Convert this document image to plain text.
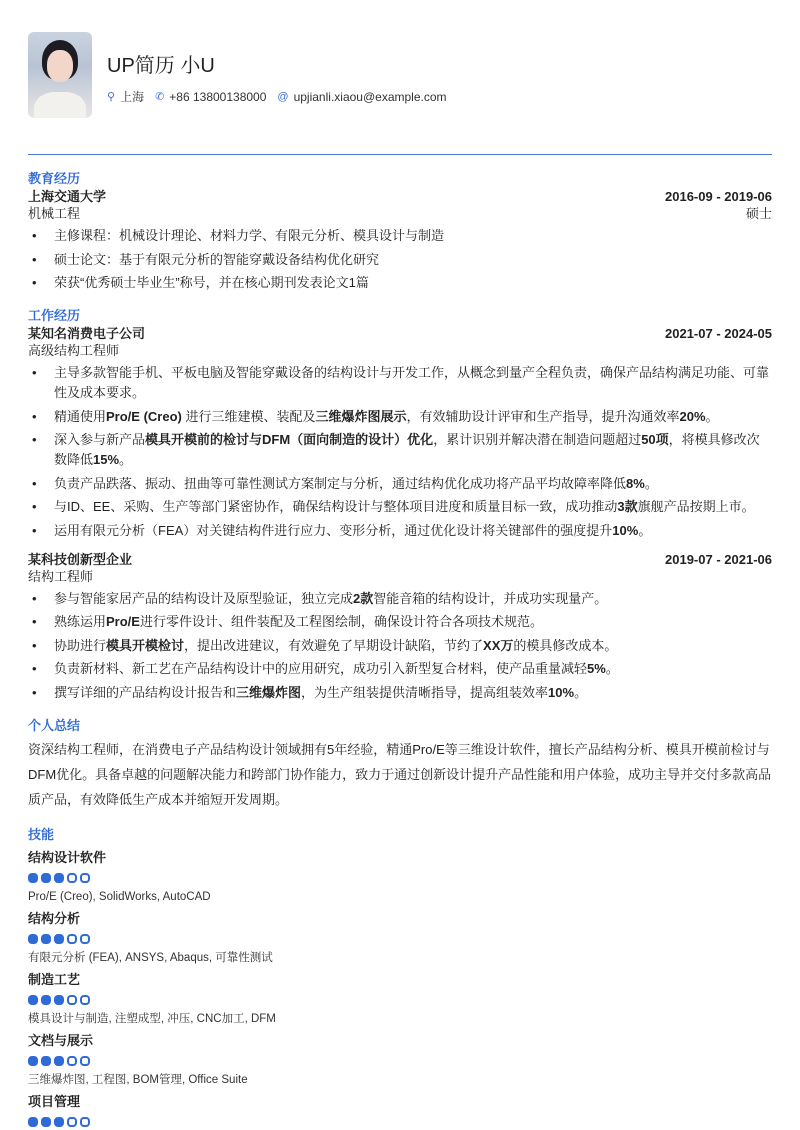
UP简历 小U
⚲ 上海 ✆ +86 13800138000 @ upjianli.xiaou@example.com
教育经历
上海交通大学	2016-09 - 2019-06
机械工程	硕士
• 主修课程：机械设计理论、材料力学、有限元分析、模具设计与制造
• 硕士论文：基于有限元分析的智能穿戴设备结构优化研究
• 荣获“优秀硕士毕业生”称号，并在核心期刊发表论文1篇
工作经历
某知名消费电子公司	2021-07 - 2024-05
高级结构工程师
• 主导多款智能手机、平板电脑及智能穿戴设备的结构设计与开发工作，从概念到量产全程负责，确保产品结构满足功能、可靠性及成本要求。
• 精通使用Pro/E (Creo) 进行三维建模、装配及三维爆炸图展示，有效辅助设计评审和生产指导，提升沟通效率20%。
• 深入参与新产品模具开模前的检讨与DFM（面向制造的设计）优化，累计识别并解决潜在制造问题超过50项，将模具修改次数降低15%。
• 负责产品跌落、振动、扭曲等可靠性测试方案制定与分析，通过结构优化成功将产品平均故障率降低8%。
• 与ID、EE、采购、生产等部门紧密协作，确保结构设计与整体项目进度和质量目标一致，成功推动3款旗舰产品按期上市。
• 运用有限元分析（FEA）对关键结构件进行应力、变形分析，通过优化设计将关键部件的强度提升10%。
某科技创新型企业	2019-07 - 2021-06
结构工程师
• 参与智能家居产品的结构设计及原型验证，独立完成2款智能音箱的结构设计，并成功实现量产。
• 熟练运用Pro/E进行零件设计、组件装配及工程图绘制，确保设计符合各项技术规范。
• 协助进行模具开模检讨，提出改进建议，有效避免了早期设计缺陷，节约了XX万的模具修改成本。
• 负责新材料、新工艺在产品结构设计中的应用研究，成功引入新型复合材料，使产品重量减轻5%。
• 撰写详细的产品结构设计报告和三维爆炸图，为生产组装提供清晰指导，提高组装效率10%。
个人总结
资深结构工程师，在消费电子产品结构设计领域拥有5年经验，精通Pro/E等三维设计软件，擅长产品结构分析、模具开模前检讨与DFM优化。具备卓越的问题解决能力和跨部门协作能力，致力于通过创新设计提升产品性能和用户体验，成功主导并交付多款高品质产品，有效降低生产成本并缩短开发周期。
技能
结构设计软件
Pro/E (Creo), SolidWorks, AutoCAD
结构分析
有限元分析 (FEA), ANSYS, Abaqus, 可靠性测试
制造工艺
模具设计与制造, 注塑成型, 冲压, CNC加工, DFM
文档与展示
三维爆炸图, 工程图, BOM管理, Office Suite
项目管理
